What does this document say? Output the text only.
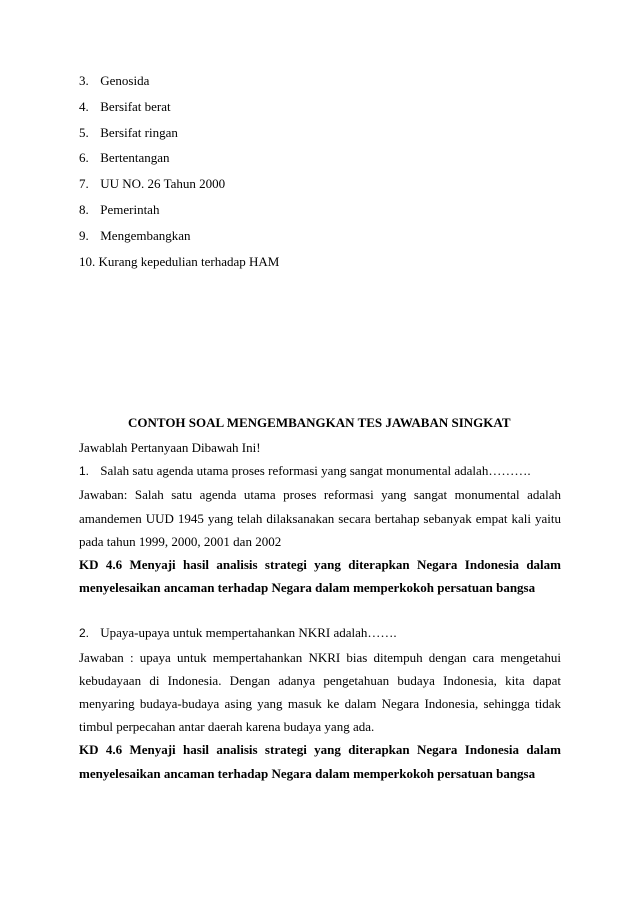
3. Genosida
4. Bersifat berat
5. Bersifat ringan
6. Bertentangan
7. UU NO. 26 Tahun 2000
8. Pemerintah
9. Mengembangkan
10. Kurang kepedulian terhadap HAM
CONTOH SOAL MENGEMBANGKAN TES JAWABAN SINGKAT
Jawablah Pertanyaan Dibawah Ini!
1. Salah satu agenda utama proses reformasi yang sangat monumental adalah……….

Jawaban: Salah satu agenda utama proses reformasi yang sangat monumental adalah amandemen UUD 1945 yang telah dilaksanakan secara bertahap sebanyak empat kali yaitu pada tahun 1999, 2000, 2001 dan 2002

KD 4.6 Menyaji hasil analisis strategi yang diterapkan Negara Indonesia dalam menyelesaikan ancaman terhadap Negara dalam memperkokoh persatuan bangsa

2. Upaya-upaya untuk mempertahankan NKRI adalah…….

Jawaban : upaya untuk mempertahankan NKRI bias ditempuh dengan cara mengetahui kebudayaan di Indonesia. Dengan adanya pengetahuan budaya Indonesia, kita dapat menyaring budaya-budaya asing yang masuk ke dalam Negara Indonesia, sehingga tidak timbul perpecahan antar daerah karena budaya yang ada.

KD 4.6 Menyaji hasil analisis strategi yang diterapkan Negara Indonesia dalam menyelesaikan ancaman terhadap Negara dalam memperkokoh persatuan bangsa
